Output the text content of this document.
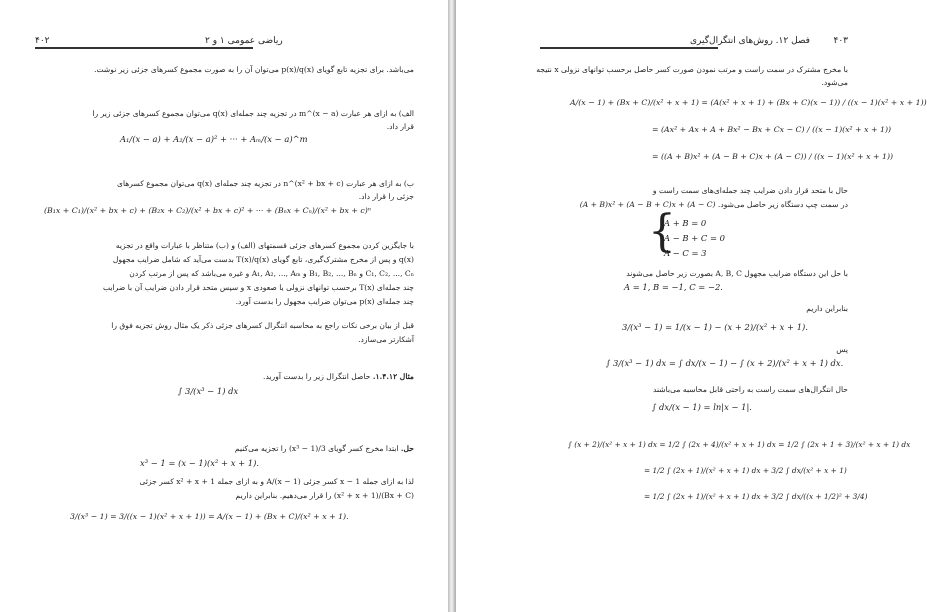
۴۰۲	ریاضی عمومی ۱ و ۲
می‌باشد. برای تجزیه تابع گویای p(x)/q(x) می‌توان آن را به صورت مجموع کسرهای جزئی زیر نوشت.
الف) به ازای هر عبارت (x − a)^m در تجزیه چند جمله‌ای q(x) می‌توان مجموع کسرهای جزئی زیر را
قرار داد.
A₁/(x − a) + A₂/(x − a)² + ··· + Aₘ/(x − a)^m
ب) به ازای هر عبارت (x² + bx + c)^n در تجزیه چند جمله‌ای q(x) می‌توان مجموع کسرهای
جزئی را قرار داد.
(B₁x + C₁)/(x² + bx + c) + (B₂x + C₂)/(x² + bx + c)² + ··· + (Bₙx + Cₙ)/(x² + bx + c)ⁿ
با جایگزین کردن مجموع کسرهای جزئی قسمتهای (الف) و (ب) متناظر با عبارات واقع در تجزیه
q(x) و پس از مخرج مشترک‌گیری، تابع گویای T(x)/q(x) بدست می‌آید که شامل ضرایب مجهول
C₁, C₂, ..., Cₙ و B₁, B₂, ..., Bₙ و A₁, A₂, ..., Aₘ و غیره می‌باشد که پس از مرتب کردن
چند جمله‌ای T(x) برحسب توانهای نزولی یا صعودی x و سپس متحد قرار دادن ضرایب آن با ضرایب
چند جمله‌ای p(x) می‌توان ضرایب مجهول را بدست آورد.
قبل از بیان برخی نکات راجع به محاسبه انتگرال کسرهای جزئی ذکر یک مثال روش تجزیه فوق را
آشکارتر می‌سازد.
مثال ۱.۴.۱۲. حاصل انتگرال زیر را بدست آورید.
∫ 3/(x³ − 1) dx
حل. ابتدا مخرج کسر گویای 3/(x³ − 1) را تجزیه می‌کنیم
x³ − 1 = (x − 1)(x² + x + 1).
لذا به ازای جمله x − 1 کسر جزئی A/(x − 1) و به ازای جمله x² + x + 1 کسر جزئی
(Bx + C)/(x² + x + 1) را قرار می‌دهیم. بنابراین داریم
3/(x³ − 1) = 3/((x − 1)(x² + x + 1)) = A/(x − 1) + (Bx + C)/(x² + x + 1).
۴۰۳
فصل ۱۲. روش‌های انتگرال‌گیری
با مخرج مشترک در سمت راست و مرتب نمودن صورت کسر حاصل برحسب توانهای نزولی x نتیجه
می‌شود.
A/(x − 1) + (Bx + C)/(x² + x + 1) = (A(x² + x + 1) + (Bx + C)(x − 1)) / ((x − 1)(x² + x + 1))
= (Ax² + Ax + A + Bx² − Bx + Cx − C) / ((x − 1)(x² + x + 1))
= ((A + B)x² + (A − B + C)x + (A − C)) / ((x − 1)(x² + x + 1))
حال با متحد قرار دادن ضرایب چند جمله‌ای‌های سمت راست و
در سمت چپ دستگاه زیر حاصل می‌شود. (A + B)x² + (A − B + C)x + (A − C)
{
A + B = 0
A − B + C = 0
A − C = 3
با حل این دستگاه ضرایب مجهول A, B, C بصورت زیر حاصل می‌شوند
A = 1, B = −1, C = −2.
بنابراین داریم
3/(x³ − 1) = 1/(x − 1) − (x + 2)/(x² + x + 1).
پس
∫ 3/(x³ − 1) dx = ∫ dx/(x − 1) − ∫ (x + 2)/(x² + x + 1) dx.
حال انتگرال‌های سمت راست به راحتی قابل محاسبه می‌باشند
∫ dx/(x − 1) = ln|x − 1|.
∫ (x + 2)/(x² + x + 1) dx = 1/2 ∫ (2x + 4)/(x² + x + 1) dx = 1/2 ∫ (2x + 1 + 3)/(x² + x + 1) dx
= 1/2 ∫ (2x + 1)/(x² + x + 1) dx + 3/2 ∫ dx/(x² + x + 1)
= 1/2 ∫ (2x + 1)/(x² + x + 1) dx + 3/2 ∫ dx/((x + 1/2)² + 3/4)
